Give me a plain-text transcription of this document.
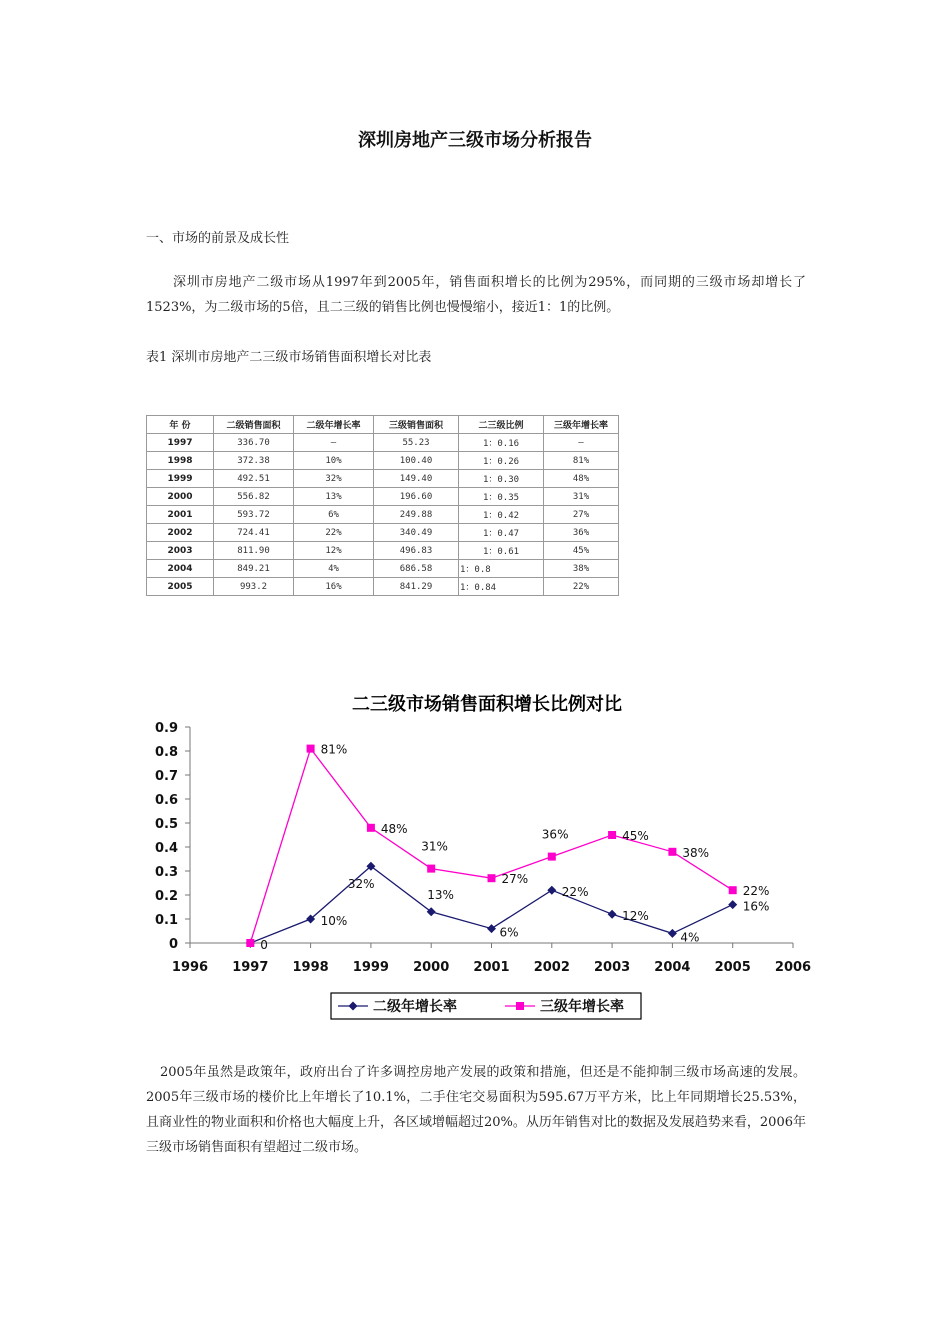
深圳房地产三级市场分析报告
一、市场的前景及成长性
深圳市房地产二级市场从1997年到2005年，销售面积增长的比例为295%，而同期的三级市场却增长了1523%，为二级市场的5倍，且二三级的销售比例也慢慢缩小，接近1：1的比例。
表1 深圳市房地产二三级市场销售面积增长对比表
年 份	二级销售面积	二级年增长率	三级销售面积	二三级比例	三级年增长率
1997	336.70	—	55.23	1：0.16	—
1998	372.38	10%	100.40	1：0.26	81%
1999	492.51	32%	149.40	1：0.30	48%
2000	556.82	13%	196.60	1：0.35	31%
2001	593.72	6%	249.88	1：0.42	27%
2002	724.41	22%	340.49	1：0.47	36%
2003	811.90	12%	496.83	1：0.61	45%
2004	849.21	4%	686.58	1：0.8	38%
2005	993.2	16%	841.29	1：0.84	22%
二三级市场销售面积增长比例对比
0
0.1
0.2
0.3
0.4
0.5
0.6
0.7
0.8
0.9
1996 1997 1998 1999 2000 2001 2002 2003 2004 2005 2006
0
10%
32%
13%
6%
22%
12%
4%
16%
81%
48%
31%
27%
36%	45%
38%
22%
二级年增长率	三级年增长率
2005年虽然是政策年，政府出台了许多调控房地产发展的政策和措施，但还是不能抑制三级市场高速的发展。2005年三级市场的楼价比上年增长了10.1%，二手住宅交易面积为595.67万平方米，比上年同期增长25.53%，且商业性的物业面积和价格也大幅度上升，各区域增幅超过20%。从历年销售对比的数据及发展趋势来看，2006年三级市场销售面积有望超过二级市场。
